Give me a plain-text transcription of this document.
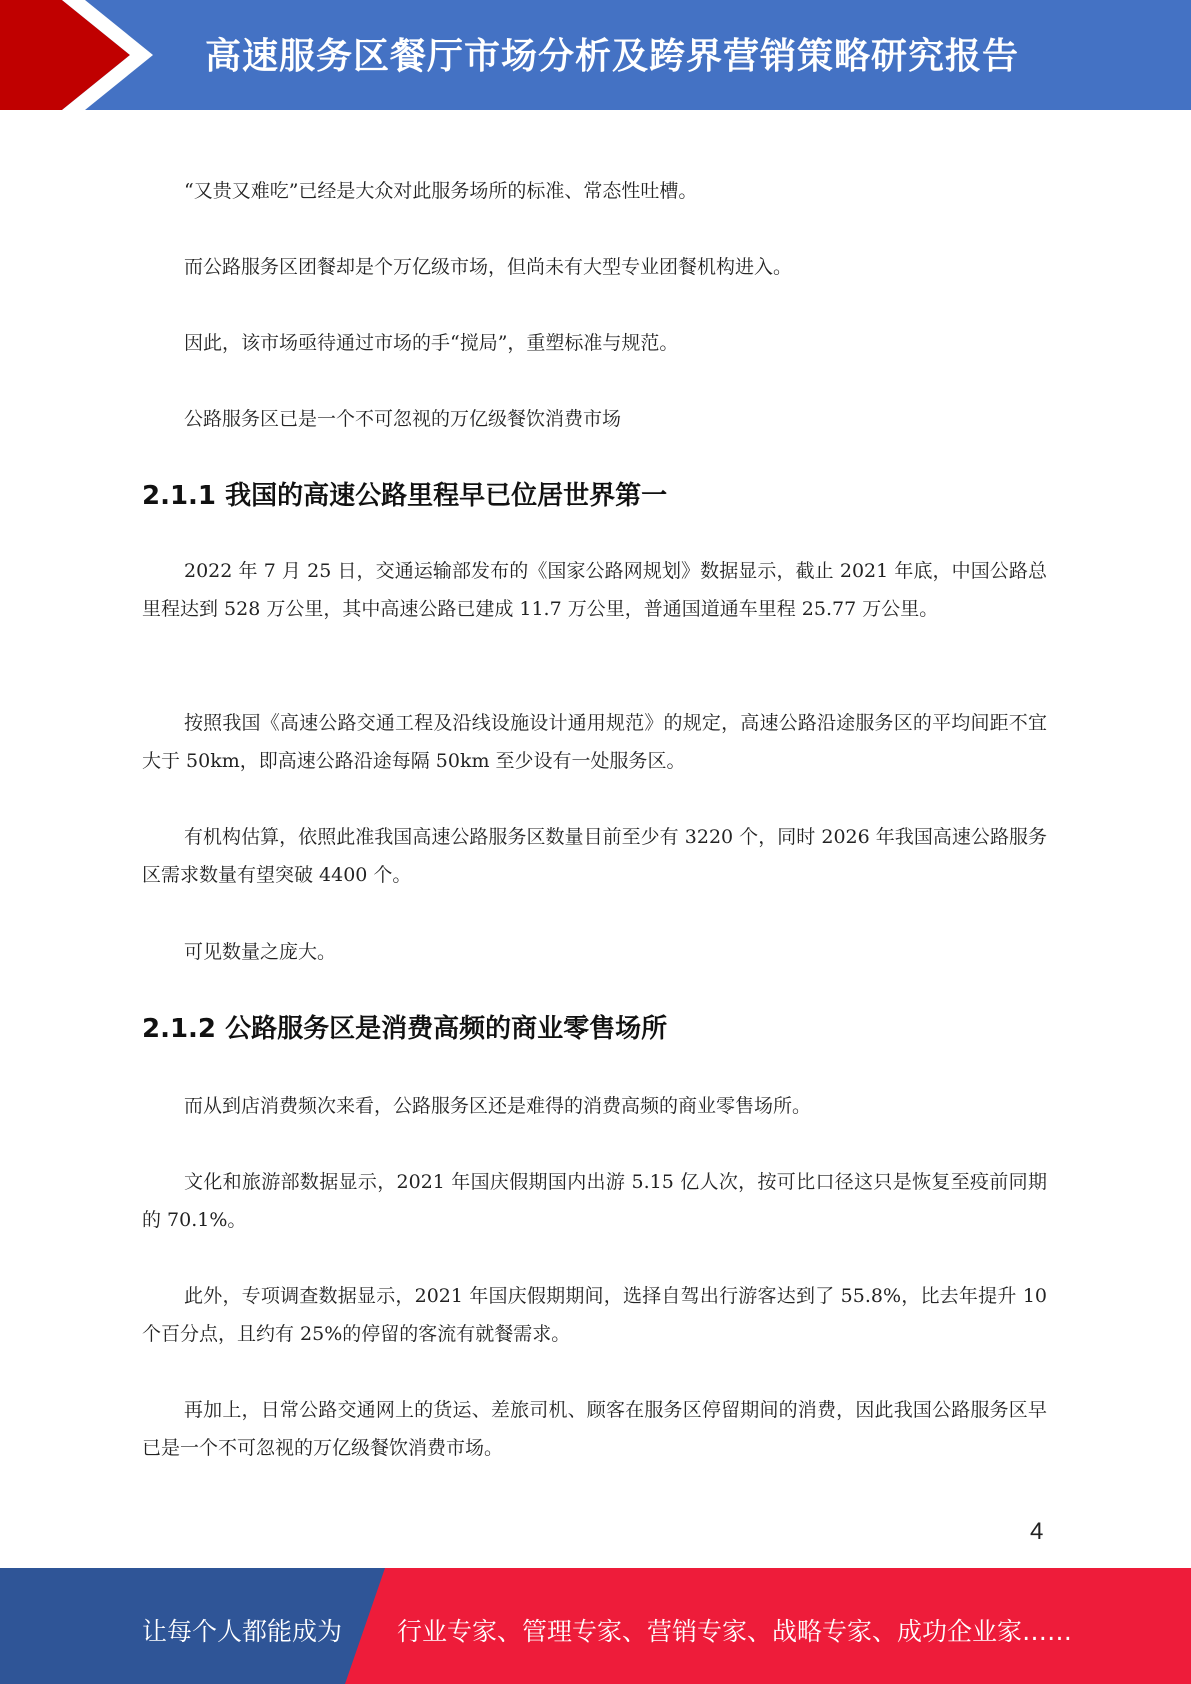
高速服务区餐厅市场分析及跨界营销策略研究报告

“又贵又难吃”已经是大众对此服务场所的标准、常态性吐槽。

而公路服务区团餐却是个万亿级市场，但尚未有大型专业团餐机构进入。

因此，该市场亟待通过市场的手“搅局”，重塑标准与规范。

公路服务区已是一个不可忽视的万亿级餐饮消费市场

2.1.1 我国的高速公路里程早已位居世界第一

2022 年 7 月 25 日，交通运输部发布的《国家公路网规划》数据显示，截止 2021 年底，中国公路总里程达到 528 万公里，其中高速公路已建成 11.7 万公里，普通国道通车里程 25.77 万公里。

按照我国《高速公路交通工程及沿线设施设计通用规范》的规定，高速公路沿途服务区的平均间距不宜大于 50km，即高速公路沿途每隔 50km 至少设有一处服务区。

有机构估算，依照此准我国高速公路服务区数量目前至少有 3220 个，同时 2026 年我国高速公路服务区需求数量有望突破 4400 个。

可见数量之庞大。

2.1.2 公路服务区是消费高频的商业零售场所

而从到店消费频次来看，公路服务区还是难得的消费高频的商业零售场所。

文化和旅游部数据显示，2021 年国庆假期国内出游 5.15 亿人次，按可比口径这只是恢复至疫前同期的 70.1%。

此外，专项调查数据显示，2021 年国庆假期期间，选择自驾出行游客达到了 55.8%，比去年提升 10 个百分点，且约有 25%的停留的客流有就餐需求。

再加上，日常公路交通网上的货运、差旅司机、顾客在服务区停留期间的消费，因此我国公路服务区早已是一个不可忽视的万亿级餐饮消费市场。

4
让每个人都能成为 行业专家、管理专家、营销专家、战略专家、成功企业家……
